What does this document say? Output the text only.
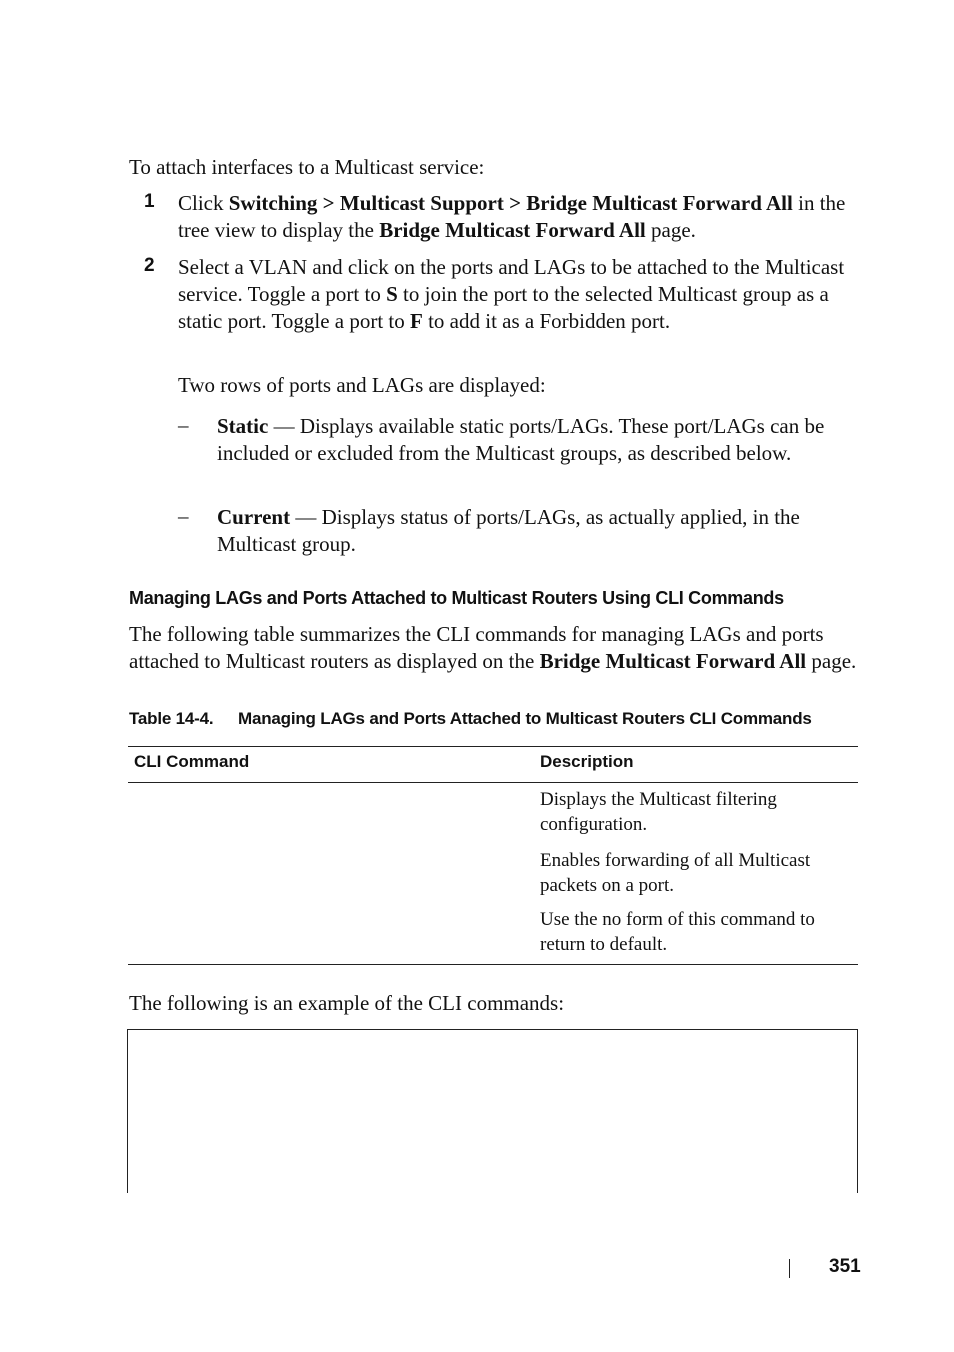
To attach interfaces to a Multicast service:
1 Click Switching > Multicast Support > Bridge Multicast Forward All in the tree view to display the Bridge Multicast Forward All page.
2 Select a VLAN and click on the ports and LAGs to be attached to the Multicast service. Toggle a port to S to join the port to the selected Multicast group as a static port. Toggle a port to F to add it as a Forbidden port.
Two rows of ports and LAGs are displayed:
– Static — Displays available static ports/LAGs. These port/LAGs can be included or excluded from the Multicast groups, as described below.
– Current — Displays status of ports/LAGs, as actually applied, in the Multicast group.
Managing LAGs and Ports Attached to Multicast Routers Using CLI Commands
The following table summarizes the CLI commands for managing LAGs and ports attached to Multicast routers as displayed on the Bridge Multicast Forward All page.
Table 14-4. Managing LAGs and Ports Attached to Multicast Routers CLI Commands
CLI Command	Description
Displays the Multicast filtering configuration.
Enables forwarding of all Multicast packets on a port.
Use the no form of this command to return to default.
The following is an example of the CLI commands:
351
